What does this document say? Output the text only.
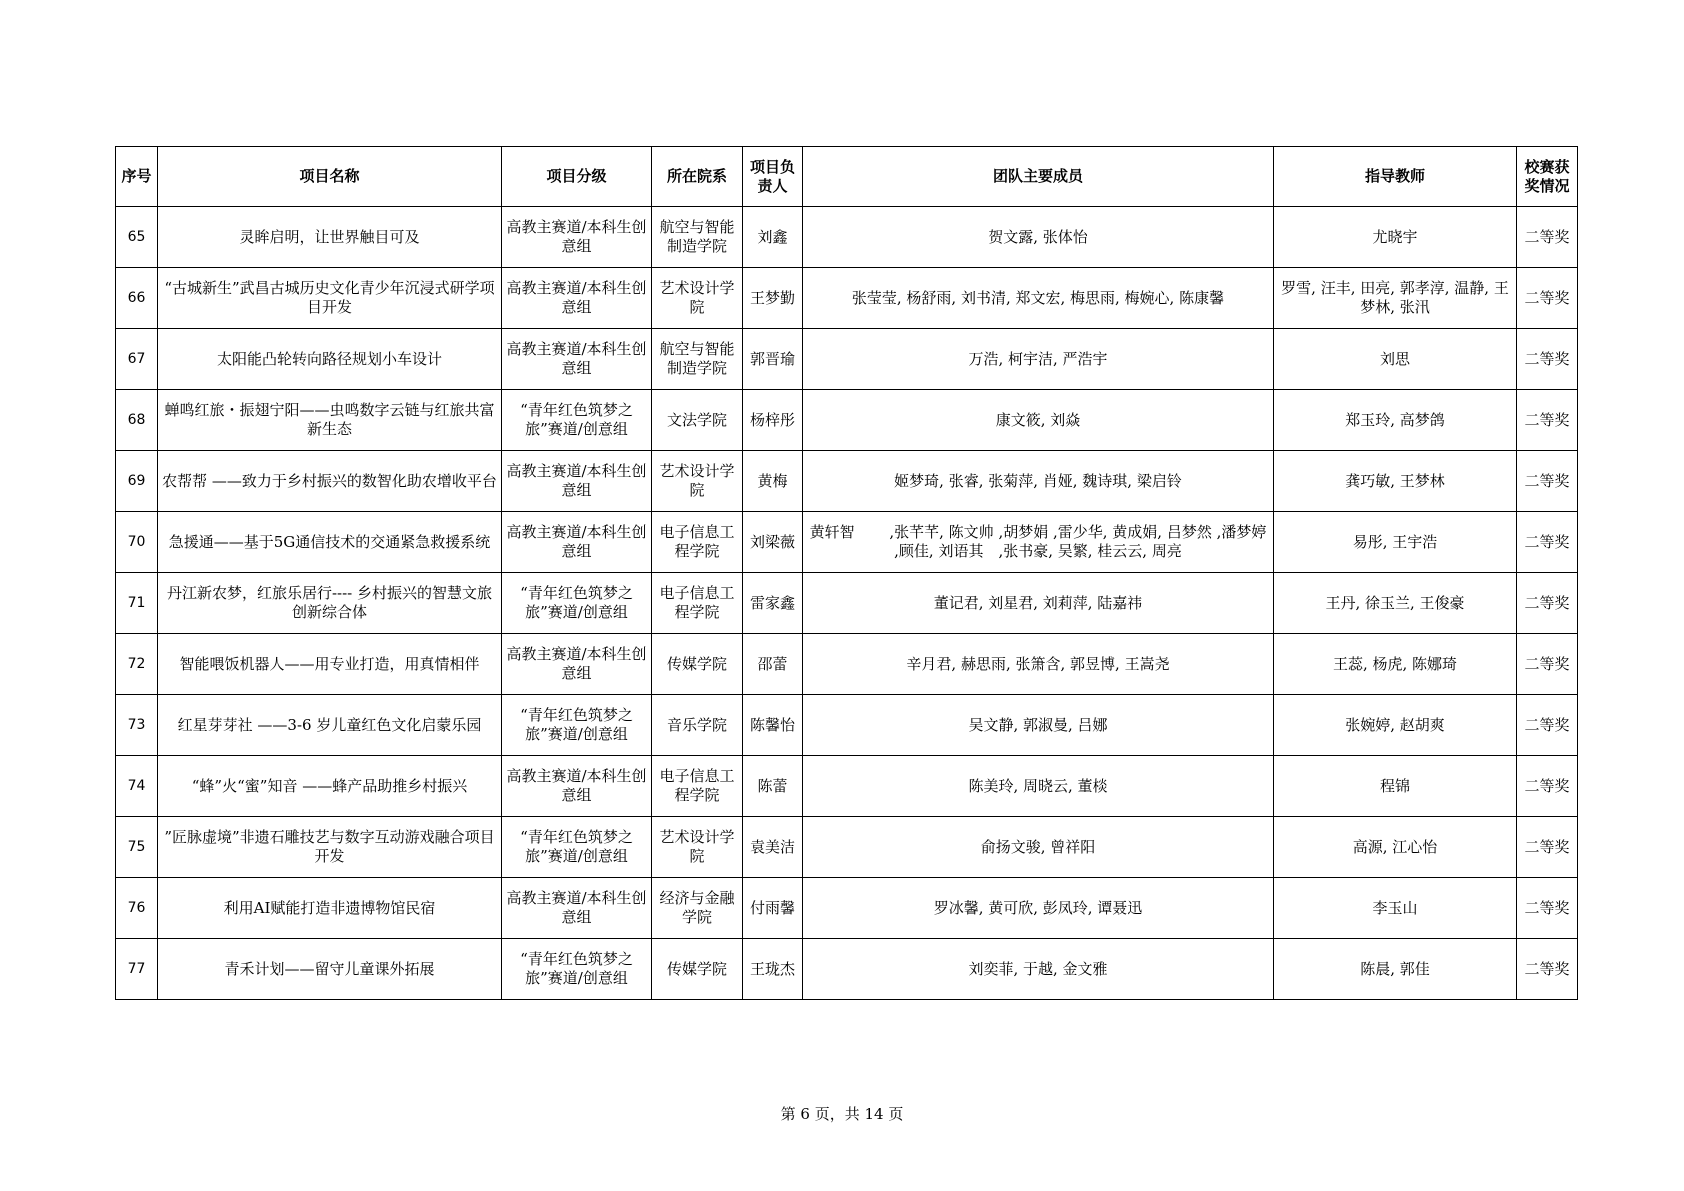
序号	项目名称	项目分级	所在院系	项目负责人	团队主要成员	指导教师	校赛获奖情况
65	灵眸启明，让世界触目可及	高教主赛道/本科生创意组	航空与智能制造学院	刘鑫	贺文露, 张体怡	尤晓宇	二等奖
66	“古城新生”武昌古城历史文化青少年沉浸式研学项目开发	高教主赛道/本科生创意组	艺术设计学院	王梦勤	张莹莹, 杨舒雨, 刘书清, 郑文宏, 梅思雨, 梅婉心, 陈康馨	罗雪, 汪丰, 田亮, 郭孝淳, 温静, 王梦林, 张汛	二等奖
67	太阳能凸轮转向路径规划小车设计	高教主赛道/本科生创意组	航空与智能制造学院	郭晋瑜	万浩, 柯宇洁, 严浩宇	刘思	二等奖
68	蝉鸣红旅・振翅宁阳——虫鸣数字云链与红旅共富新生态	“青年红色筑梦之旅”赛道/创意组	文法学院	杨梓彤	康文筱, 刘焱	郑玉玲, 高梦鸽	二等奖
69	农帮帮 ——致力于乡村振兴的数智化助农增收平台	高教主赛道/本科生创意组	艺术设计学院	黄梅	姬梦琦, 张睿, 张菊萍, 肖娅, 魏诗琪, 梁启铃	龚巧敏, 王梦林	二等奖
70	急援通——基于5G通信技术的交通紧急救援系统	高教主赛道/本科生创意组	电子信息工程学院	刘梁薇	黄轩智　　 ,张芊芊, 陈文帅 ,胡梦娟 ,雷少华, 黄成娟, 吕梦然 ,潘梦婷 ,顾佳, 刘语其　,张书豪, 吴繁, 桂云云, 周亮	易彤, 王宇浩	二等奖
71	丹江新农梦，红旅乐居行---- 乡村振兴的智慧文旅创新综合体	“青年红色筑梦之旅”赛道/创意组	电子信息工程学院	雷家鑫	董记君, 刘星君, 刘莉萍, 陆嘉祎	王丹, 徐玉兰, 王俊豪	二等奖
72	智能喂饭机器人——用专业打造，用真情相伴	高教主赛道/本科生创意组	传媒学院	邵蕾	辛月君, 赫思雨, 张箫含, 郭昱博, 王嵩尧	王蕊, 杨虎, 陈娜琦	二等奖
73	红星芽芽社 ——3-6 岁儿童红色文化启蒙乐园	“青年红色筑梦之旅”赛道/创意组	音乐学院	陈馨怡	吴文静, 郭淑曼, 吕娜	张婉婷, 赵胡爽	二等奖
74	“蜂”火“蜜”知音 ——蜂产品助推乡村振兴	高教主赛道/本科生创意组	电子信息工程学院	陈蕾	陈美玲, 周晓云, 董棪	程锦	二等奖
75	”匠脉虚境”非遗石雕技艺与数字互动游戏融合项目开发	“青年红色筑梦之旅”赛道/创意组	艺术设计学院	袁美洁	俞扬文骏, 曾祥阳	高源, 江心怡	二等奖
76	利用AI赋能打造非遗博物馆民宿	高教主赛道/本科生创意组	经济与金融学院	付雨馨	罗冰馨, 黄可欣, 彭凤玲, 谭聂迅	李玉山	二等奖
77	青禾计划——留守儿童课外拓展	“青年红色筑梦之旅”赛道/创意组	传媒学院	王珑杰	刘奕菲, 于越, 金文雅	陈晨, 郭佳	二等奖
第 6 页，共 14 页
